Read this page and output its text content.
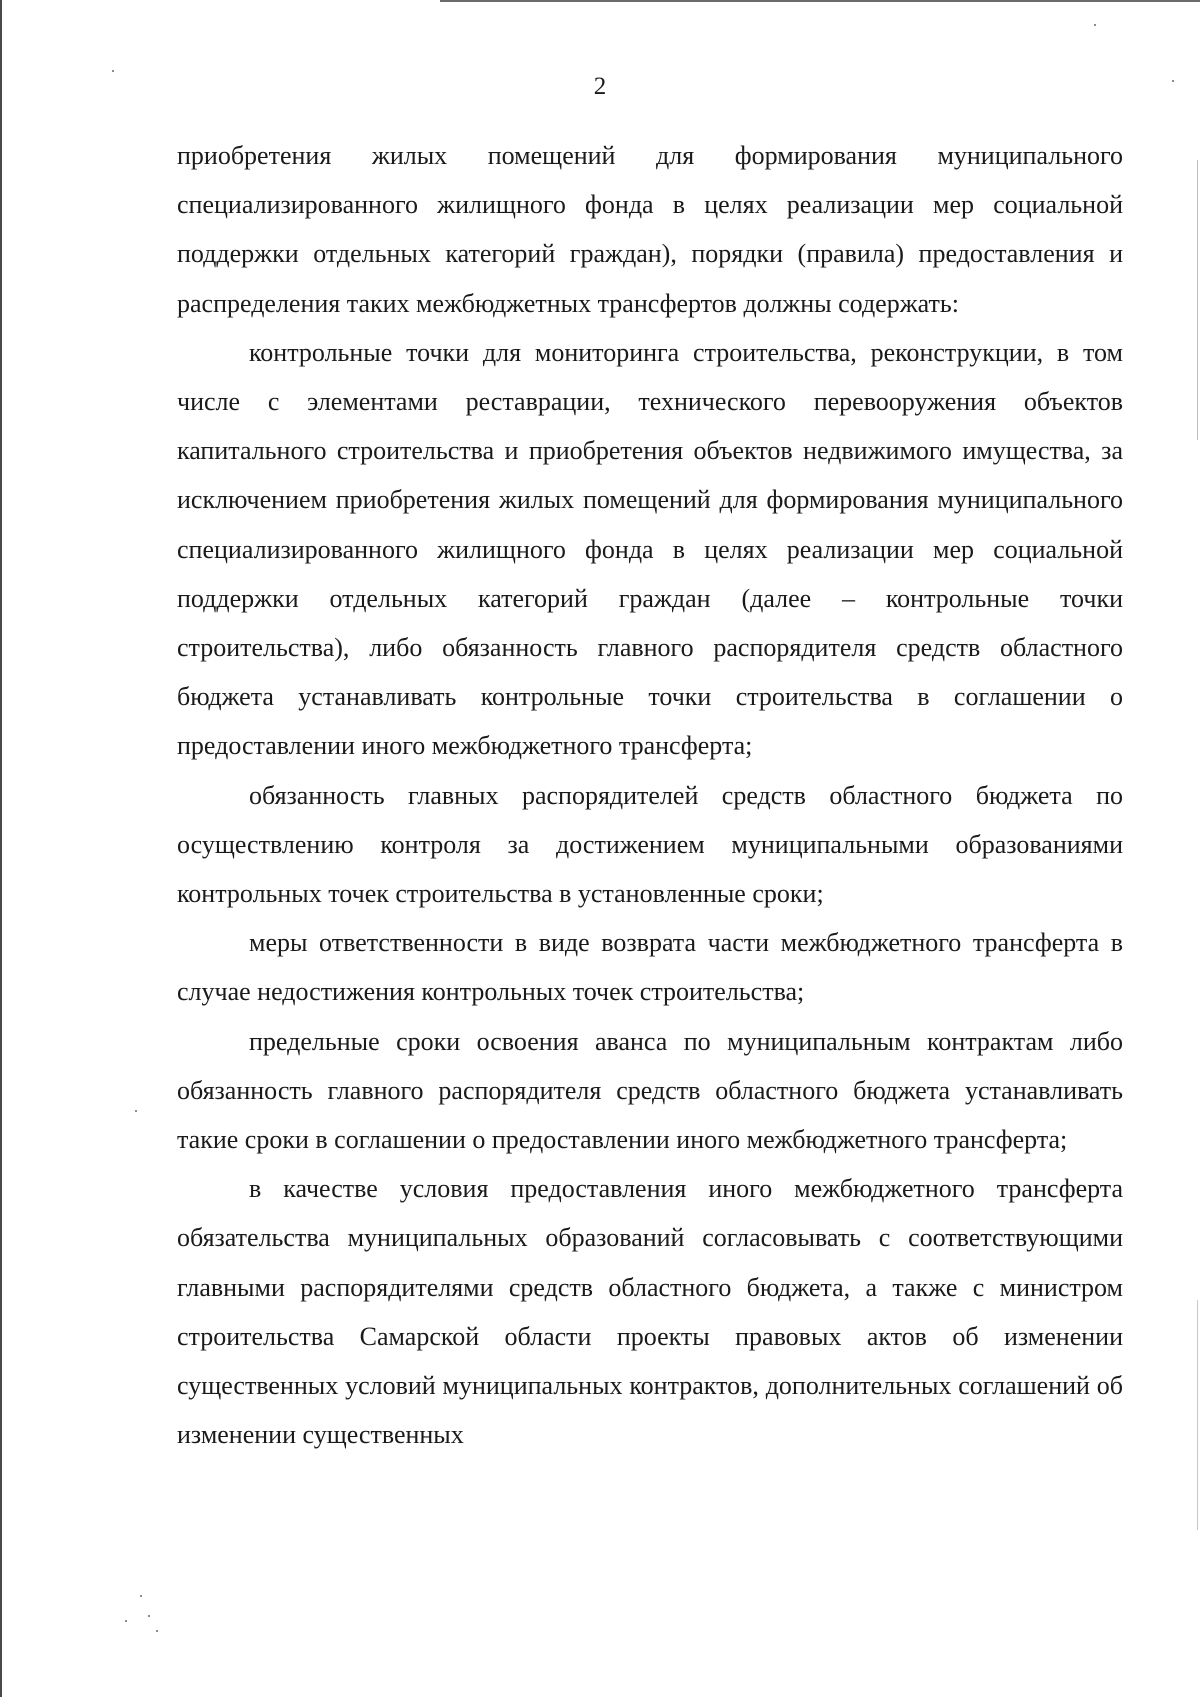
2

приобретения жилых помещений для формирования муниципального специализированного жилищного фонда в целях реализации мер социальной поддержки отдельных категорий граждан), порядки (правила) предоставления и распределения таких межбюджетных трансфертов должны содержать:

контрольные точки для мониторинга строительства, реконструкции, в том числе с элементами реставрации, технического перевооружения объектов капитального строительства и приобретения объектов недвижимого имущества, за исключением приобретения жилых помещений для формирования муниципального специализированного жилищного фонда в целях реализации мер социальной поддержки отдельных категорий граждан (далее – контрольные точки строительства), либо обязанность главного распорядителя средств областного бюджета устанавливать контрольные точки строительства в соглашении о предоставлении иного межбюджетного трансферта;

обязанность главных распорядителей средств областного бюджета по осуществлению контроля за достижением муниципальными образованиями контрольных точек строительства в установленные сроки;

меры ответственности в виде возврата части межбюджетного трансферта в случае недостижения контрольных точек строительства;

предельные сроки освоения аванса по муниципальным контрактам либо обязанность главного распорядителя средств областного бюджета устанавливать такие сроки в соглашении о предоставлении иного межбюджетного трансферта;

в качестве условия предоставления иного межбюджетного трансферта обязательства муниципальных образований согласовывать с соответствующими главными распорядителями средств областного бюджета, а также с министром строительства Самарской области проекты правовых актов об изменении существенных условий муниципальных контрактов, дополнительных соглашений об изменении существенных
